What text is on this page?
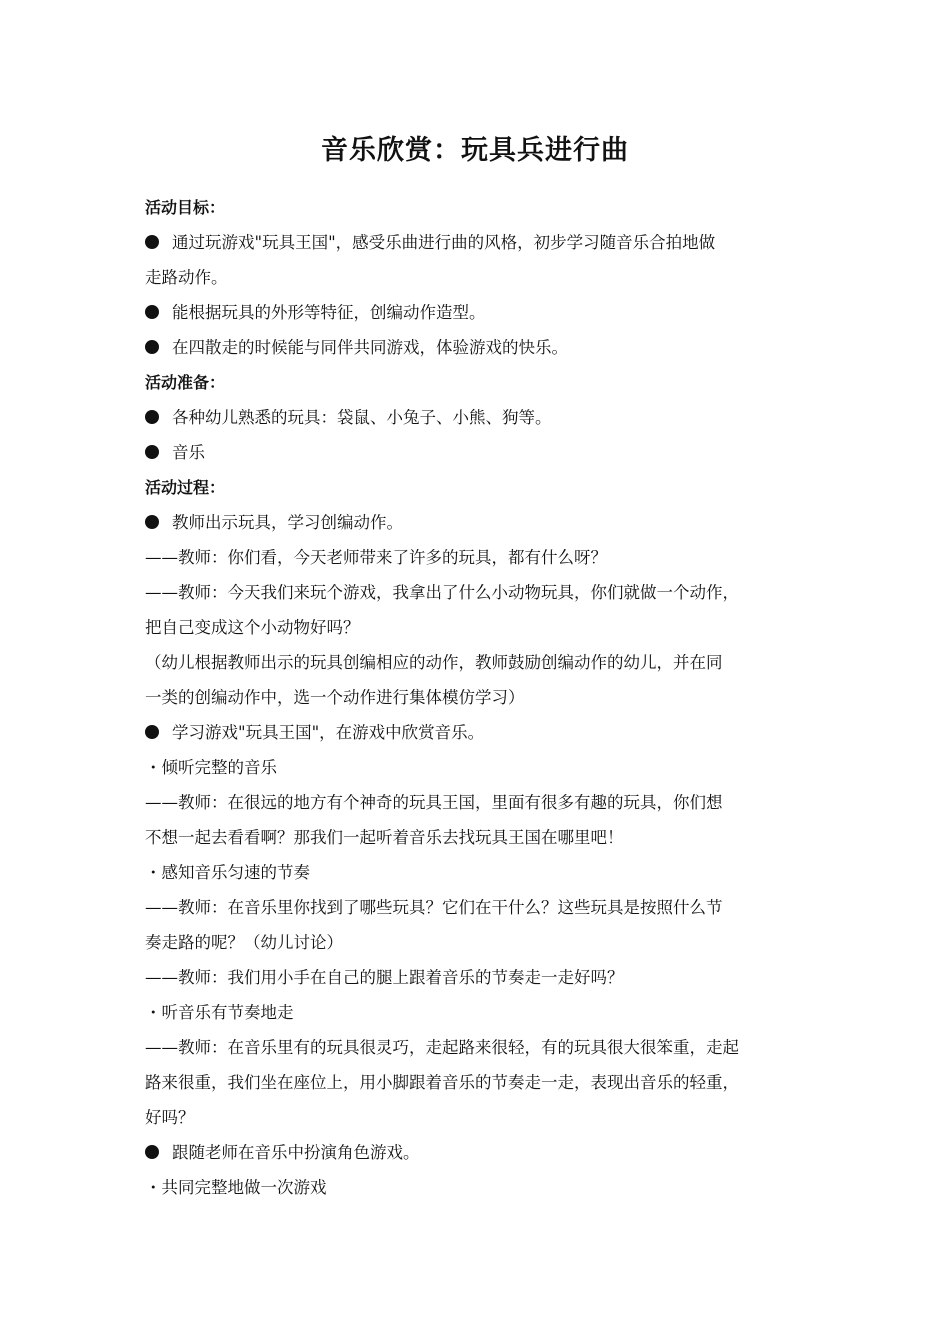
音乐欣赏：玩具兵进行曲
活动目标：
通过玩游戏"玩具王国"，感受乐曲进行曲的风格，初步学习随音乐合拍地做
走路动作。
能根据玩具的外形等特征，创编动作造型。
在四散走的时候能与同伴共同游戏，体验游戏的快乐。
活动准备：
各种幼儿熟悉的玩具：袋鼠、小兔子、小熊、狗等。
音乐
活动过程：
教师出示玩具，学习创编动作。
——教师：你们看，今天老师带来了许多的玩具，都有什么呀？
——教师：今天我们来玩个游戏，我拿出了什么小动物玩具，你们就做一个动作，
把自己变成这个小动物好吗？
（幼儿根据教师出示的玩具创编相应的动作，教师鼓励创编动作的幼儿，并在同
一类的创编动作中，选一个动作进行集体模仿学习）
学习游戏"玩具王国"，在游戏中欣赏音乐。
・倾听完整的音乐
——教师：在很远的地方有个神奇的玩具王国，里面有很多有趣的玩具，你们想
不想一起去看看啊？那我们一起听着音乐去找玩具王国在哪里吧！
・感知音乐匀速的节奏
——教师：在音乐里你找到了哪些玩具？它们在干什么？这些玩具是按照什么节
奏走路的呢？（幼儿讨论）
——教师：我们用小手在自己的腿上跟着音乐的节奏走一走好吗？
・听音乐有节奏地走
——教师：在音乐里有的玩具很灵巧，走起路来很轻，有的玩具很大很笨重，走起
路来很重，我们坐在座位上，用小脚跟着音乐的节奏走一走，表现出音乐的轻重，
好吗？
跟随老师在音乐中扮演角色游戏。
・共同完整地做一次游戏
